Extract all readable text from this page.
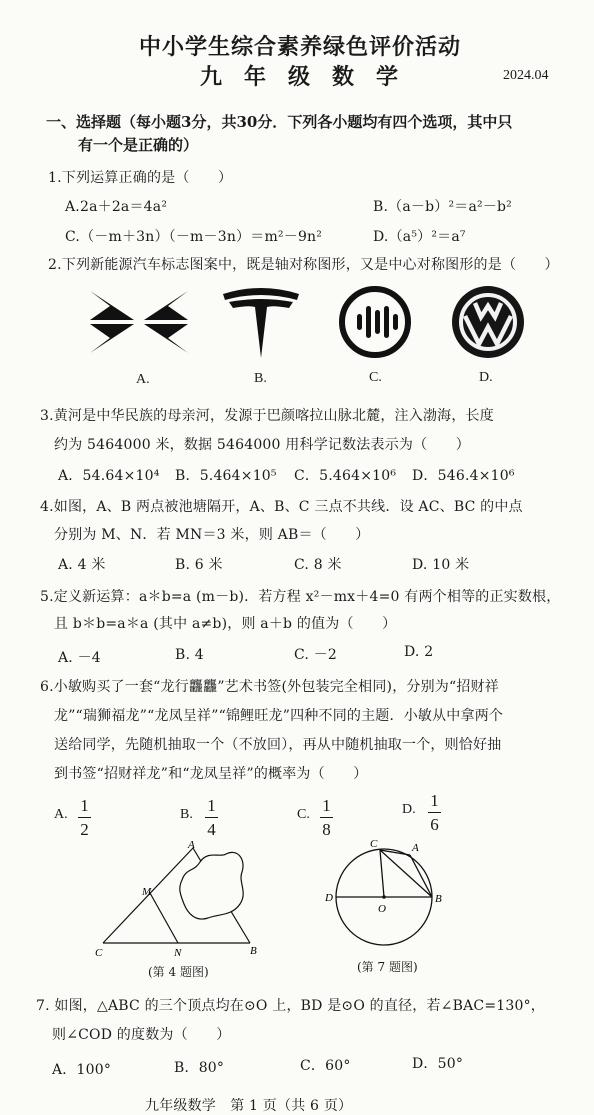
中小学生综合素养绿色评价活动
九年级数学	2024.04
一、选择题（每小题3分，共30分．下列各小题均有四个选项，其中只
有一个是正确的）
1.下列运算正确的是（　　）
A.2a＋2a＝4a²	B.（a－b）²＝a²－b²
C.（－m＋3n）（－m－3n）＝m²－9n²	D.（a⁵）²＝a⁷
2.下列新能源汽车标志图案中，既是轴对称图形，又是中心对称图形的是（　　）
A.	B.	C.	D.
3.黄河是中华民族的母亲河，发源于巴颜喀拉山脉北麓，注入渤海，长度
约为 5464000 米，数据 5464000 用科学记数法表示为（　　）
A．54.64×10⁴ B．5.464×10⁵ C．5.464×10⁶ D．546.4×10⁶
4.如图，A、B 两点被池塘隔开，A、B、C 三点不共线．设 AC、BC 的中点
分别为 M、N．若 MN＝3 米，则 AB＝（　　）
A. 4 米	B. 6 米	C. 8 米	D. 10 米
5.定义新运算：a＊b=a (m－b)．若方程 x²－mx＋4=0 有两个相等的正实数根，
且 b＊b=a＊a (其中 a≠b)，则 a＋b 的值为（　　）
A. －4	B. 4	C. －2	D. 2
6.小敏购买了一套“龙行龘龘”艺术书签(外包装完全相同)，分别为“招财祥
龙”“瑞狮福龙”“龙凤呈祥”“锦鲤旺龙”四种不同的主题．小敏从中拿两个
送给同学，先随机抽取一个（不放回），再从中随机抽取一个，则恰好抽
到书签“招财祥龙”和“龙凤呈祥”的概率为（　　）
A. 1
2
B. 1
4
C. 1
8
D. 1
6
A
M
C	N	B
(第 4 题图)
C	A
D
O
B
(第 7 题图)
7. 如图，△ABC 的三个顶点均在⊙O 上，BD 是⊙O 的直径，若∠BAC=130°，
则∠COD 的度数为（　　）
A．100°	B．80°	C．60°	D．50°
九年级数学　第 1 页（共 6 页）
